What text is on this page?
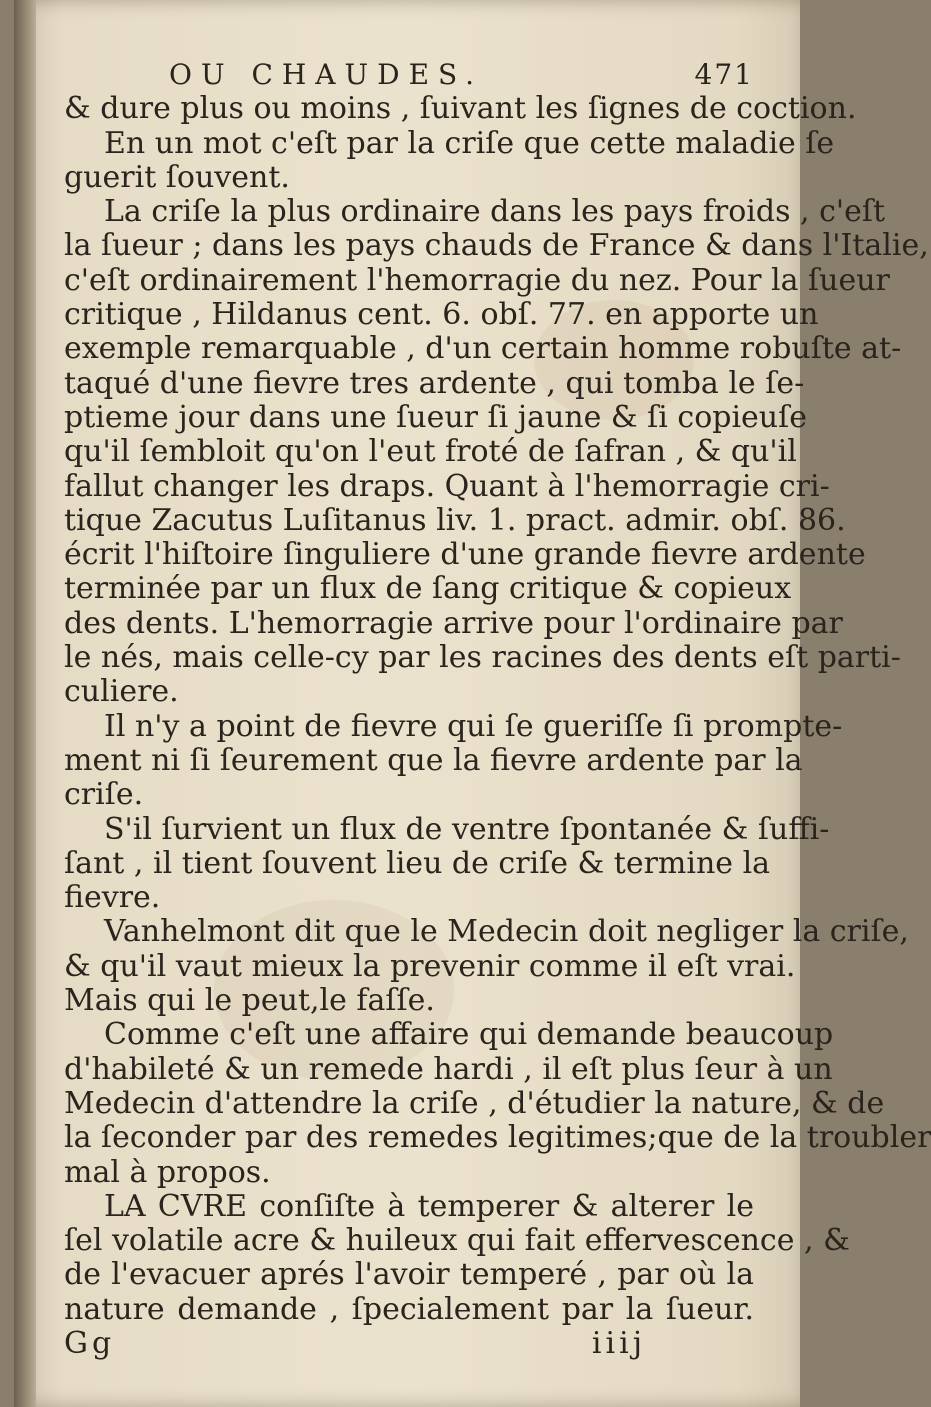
OU CHAUDES.	471
& dure plus ou moins , ſuivant les ſignes de coction.
En un mot c'eſt par la criſe que cette maladie ſe
guerit ſouvent.
La criſe la plus ordinaire dans les pays froids , c'eſt
la ſueur ; dans les pays chauds de France & dans l'Italie,
c'eſt ordinairement l'hemorragie du nez. Pour la ſueur
critique , Hildanus cent. 6. obſ. 77. en apporte un
exemple remarquable , d'un certain homme robuſte at-
taqué d'une fievre tres ardente , qui tomba le ſe-
ptieme jour dans une ſueur ſi jaune & ſi copieuſe
qu'il ſembloit qu'on l'eut froté de ſafran , & qu'il
fallut changer les draps. Quant à l'hemorragie cri-
tique Zacutus Luſitanus liv. 1. pract. admir. obſ. 86.
écrit l'hiſtoire ſinguliere d'une grande fievre ardente
terminée par un flux de ſang critique & copieux
des dents. L'hemorragie arrive pour l'ordinaire par
le nés, mais celle-cy par les racines des dents eſt parti-
culiere.
Il n'y a point de fievre qui ſe gueriſſe ſi prompte-
ment ni ſi ſeurement que la fievre ardente par la
criſe.
S'il ſurvient un flux de ventre ſpontanée & ſuffi-
ſant , il tient ſouvent lieu de criſe & termine la
fievre.
Vanhelmont dit que le Medecin doit negliger la criſe,
& qu'il vaut mieux la prevenir comme il eſt vrai.
Mais qui le peut,le faſſe.
Comme c'eſt une affaire qui demande beaucoup
d'habileté & un remede hardi , il eſt plus ſeur à un
Medecin d'attendre la criſe , d'étudier la nature, & de
la ſeconder par des remedes legitimes;que de la troubler
mal à propos.
LA CVRE conſiſte à temperer & alterer le
ſel volatile acre & huileux qui fait effervescence , &
de l'evacuer aprés l'avoir temperé , par où la
nature demande , ſpecialement par la ſueur.
Gg iiij
